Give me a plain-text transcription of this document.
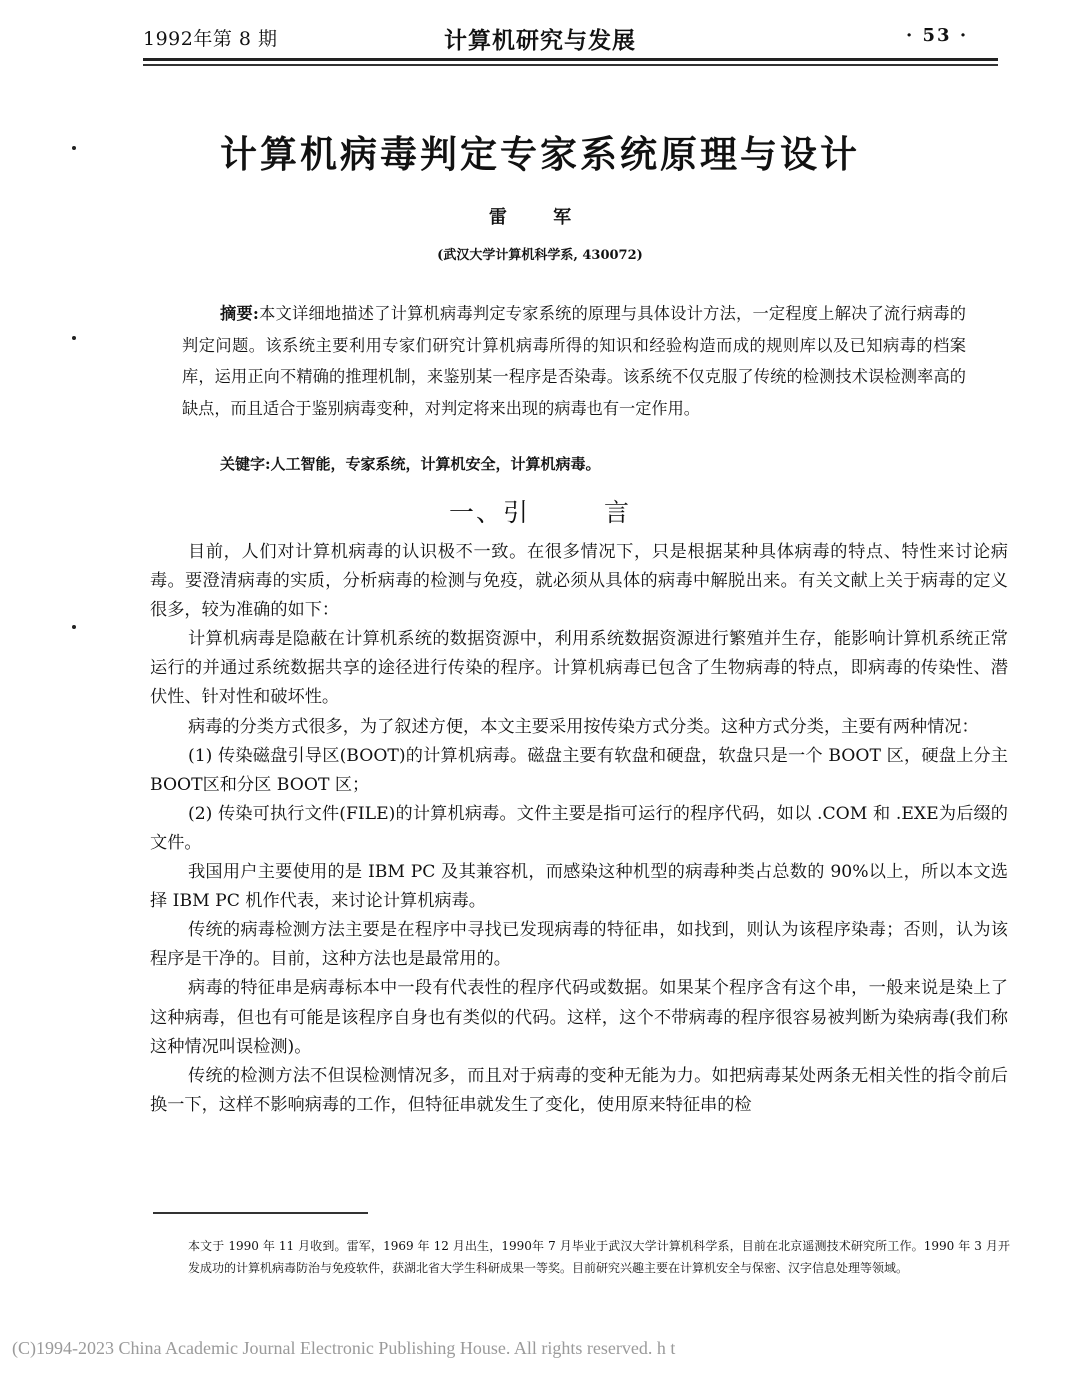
1992年第 8 期	计算机研究与发展	· 53 ·
计算机病毒判定专家系统原理与设计
雷 军
(武汉大学计算机科学系, 430072)
摘要:本文详细地描述了计算机病毒判定专家系统的原理与具体设计方法，一定程度上解决了流行病毒的判定问题。该系统主要利用专家们研究计算机病毒所得的知识和经验构造而成的规则库以及已知病毒的档案库，运用正向不精确的推理机制，来鉴别某一程序是否染毒。该系统不仅克服了传统的检测技术误检测率高的缺点，而且适合于鉴别病毒变种，对判定将来出现的病毒也有一定作用。
关键字:人工智能，专家系统，计算机安全，计算机病毒。
一、引	言

目前，人们对计算机病毒的认识极不一致。在很多情况下，只是根据某种具体病毒的特点、特性来讨论病毒。要澄清病毒的实质，分析病毒的检测与免疫，就必须从具体的病毒中解脱出来。有关文献上关于病毒的定义很多，较为准确的如下：

计算机病毒是隐蔽在计算机系统的数据资源中，利用系统数据资源进行繁殖并生存，能影响计算机系统正常运行的并通过系统数据共享的途径进行传染的程序。计算机病毒已包含了生物病毒的特点，即病毒的传染性、潜伏性、针对性和破坏性。

病毒的分类方式很多，为了叙述方便，本文主要采用按传染方式分类。这种方式分类，主要有两种情况：

(1) 传染磁盘引导区(BOOT)的计算机病毒。磁盘主要有软盘和硬盘，软盘只是一个 BOOT 区，硬盘上分主 BOOT区和分区 BOOT 区；

(2) 传染可执行文件(FILE)的计算机病毒。文件主要是指可运行的程序代码，如以 .COM 和 .EXE为后缀的文件。

我国用户主要使用的是 IBM PC 及其兼容机，而感染这种机型的病毒种类占总数的 90%以上，所以本文选择 IBM PC 机作代表，来讨论计算机病毒。

传统的病毒检测方法主要是在程序中寻找已发现病毒的特征串，如找到，则认为该程序染毒；否则，认为该程序是干净的。目前，这种方法也是最常用的。

病毒的特征串是病毒标本中一段有代表性的程序代码或数据。如果某个程序含有这个串，一般来说是染上了这种病毒，但也有可能是该程序自身也有类似的代码。这样，这个不带病毒的程序很容易被判断为染病毒(我们称这种情况叫误检测)。

传统的检测方法不但误检测情况多，而且对于病毒的变种无能为力。如把病毒某处两条无相关性的指令前后换一下，这样不影响病毒的工作，但特征串就发生了变化，使用原来特征串的检

本文于 1990 年 11 月收到。雷军，1969 年 12 月出生，1990年 7 月毕业于武汉大学计算机科学系，目前在北京遥测技术研究所工作。1990 年 3 月开发成功的计算机病毒防治与免疫软件，获湖北省大学生科研成果一等奖。目前研究兴趣主要在计算机安全与保密、汉字信息处理等领域。
(C)1994-2023 China Academic Journal Electronic Publishing House. All rights reserved. h t
